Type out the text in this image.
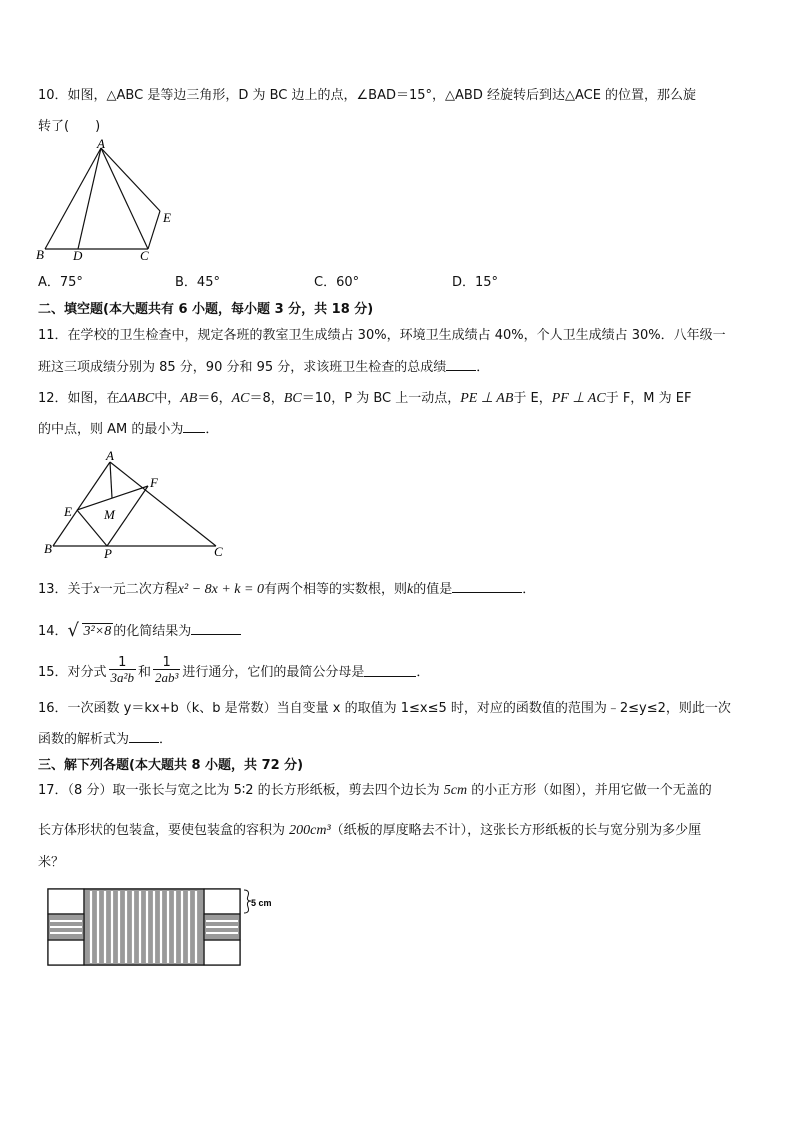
10．如图，△ABC 是等边三角形，D 为 BC 边上的点，∠BAD＝15°，△ABD 经旋转后到达△ACE 的位置，那么旋
转了(　　)
A
B D	C
E
A．75°	B．45°	C．60°	D．15°
二、填空题(本大题共有 6 小题，每小题 3 分，共 18 分)
11．在学校的卫生检查中，规定各班的教室卫生成绩占 30%，环境卫生成绩占 40%，个人卫生成绩占 30%．八年级一
班这三项成绩分别为 85 分，90 分和 95 分，求该班卫生检查的总成绩 ．
12．如图，在ΔABC中，AB＝6，AC＝8，BC＝10，P 为 BC 上一动点，PE ⊥ AB于 E，PF ⊥ AC于 F，M 为 EF
的中点，则 AM 的最小为 ．
A
F
E M
B	P	C
13．关于x一元二次方程x² − 8x + k = 0有两个相等的实数根，则k的值是	．
14． √ 3²×8 的化简结果为
15．对分式 $\frac{1}{\text{3a²b}}$ 和 $\frac{1}{\text{2ab³}}$ 进行通分，它们的最简公分母是	．
16．一次函数 y＝kx+b（k、b 是常数）当自变量 x 的取值为 1≤x≤5 时，对应的函数值的范围为﹣2≤y≤2，则此一次
函数的解析式为 ．
三、解下列各题(本大题共 8 小题，共 72 分)
17．（8 分）取一张长与宽之比为 5∶2 的长方形纸板，剪去四个边长为 5cm 的小正方形（如图），并用它做一个无盖的
长方体形状的包装盒，要使包装盒的容积为 200cm³（纸板的厚度略去不计），这张长方形纸板的长与宽分别为多少厘
米？
5 cm
